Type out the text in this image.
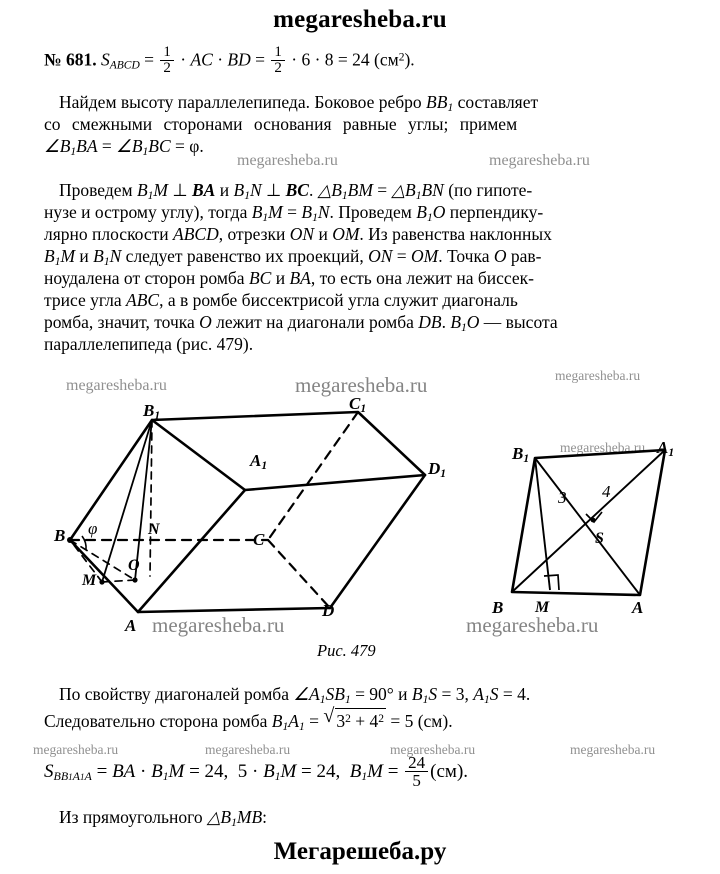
megaresheba.ru
№ 681. $S_{ABCD} = \frac{1}{2}$ · AC · BD = $\frac{1}{2} \cdot 6 \cdot 8 = 24$ $(см^2)$.
Найдем высоту параллелепипеда. Боковое ребро $BB_1$ составляет
со смежными сторонами основания равные углы; примем
$\angle B_1BA$ = $\angle B_1BC = \varphi$.
Проведем $B_1M$ ⊥ BA и $B_1N$ ⊥ BC. $\triangle B_1BM$ = $\triangle B_1BN$ (по гипоте-
нузе и острому углу), тогда $B_1M = B_1N$. Проведем $B_1O$ перпендику-
лярно плоскости ABCD, отрезки ON и OM. Из равенства наклонных
$B_1M$ и $B_1N$ следует равенство их проекций, ON = OM. Точка O рав-
ноудалена от сторон ромба BC и BA, то есть она лежит на биссек-
трисе угла ABC, а в ромбе биссектрисой угла служит диагональ
ромба, значит, точка O лежит на диагонали ромба DB. $B_1O$ — высота
параллелепипеда (рис. 479).
megaresheba.ru	megaresheba.ru
megaresheba.ru	megaresheba.ru	megaresheba.ru
megaresheba.ru
megaresheba.ru	megaresheba.ru
megaresheba.ru	megaresheba.ru	megaresheba.ru	megaresheba.ru
$B_1$
$C_1$
$A_1$	$D_1$
B φ	N
C
M
O
A
D
$B_1$
$A_1$
3 4
S
B M	A
Рис. 479
По свойству диагоналей ромба $\angle A_1SB_1 = 90^\circ$ и $B_1S = 3$, $A_1S = 4$.
Следовательно сторона ромба $B_1A_1$ = √ $3^2 + 4^2 = 5$ (см).
$S_{BB1A1A}$ = BA · $B_1M = 24$,  $5 \cdot B_1M = 24$,  $B_1M = \frac{24}{5} (см)$.
Из прямоугольного $\triangle B_1MB$:
Мегарешеба.ру
